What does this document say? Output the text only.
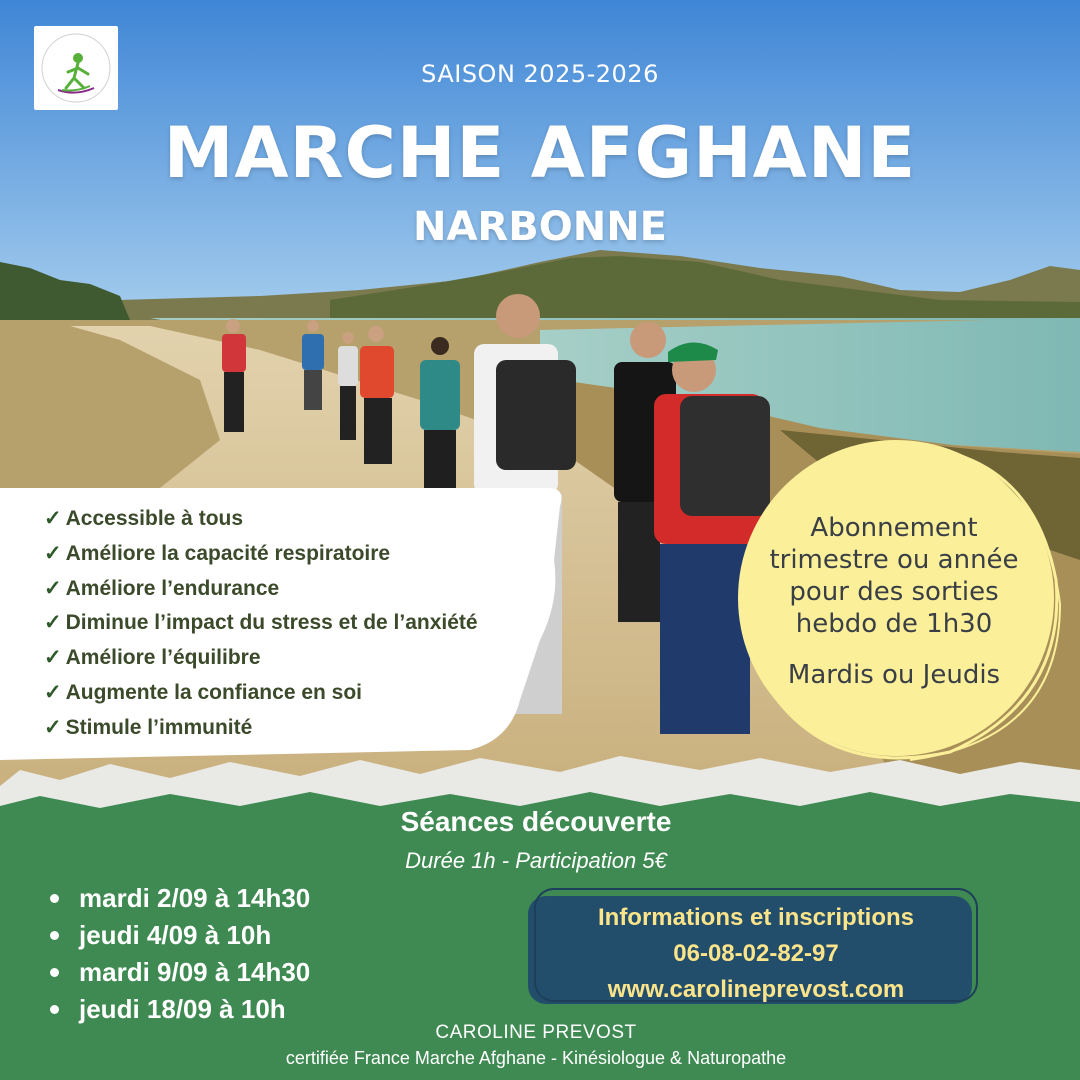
SAISON 2025-2026
MARCHE AFGHANE
NARBONNE
✓ Accessible à tous
✓ Améliore la capacité respiratoire
✓ Améliore l’endurance
✓ Diminue l’impact du stress et de l’anxiété
✓ Améliore l’équilibre
✓ Augmente la confiance en soi
✓ Stimule l’immunité
Abonnement
trimestre ou année
pour des sorties
hebdo de 1h30
Mardis ou Jeudis
Séances découverte
Durée 1h - Participation 5€
mardi 2/09 à 14h30
jeudi 4/09 à 10h
mardi 9/09 à 14h30
jeudi 18/09 à 10h
Informations et inscriptions
06-08-02-82-97
www.carolineprevost.com
CAROLINE PREVOST
certifiée France Marche Afghane - Kinésiologue & Naturopathe
